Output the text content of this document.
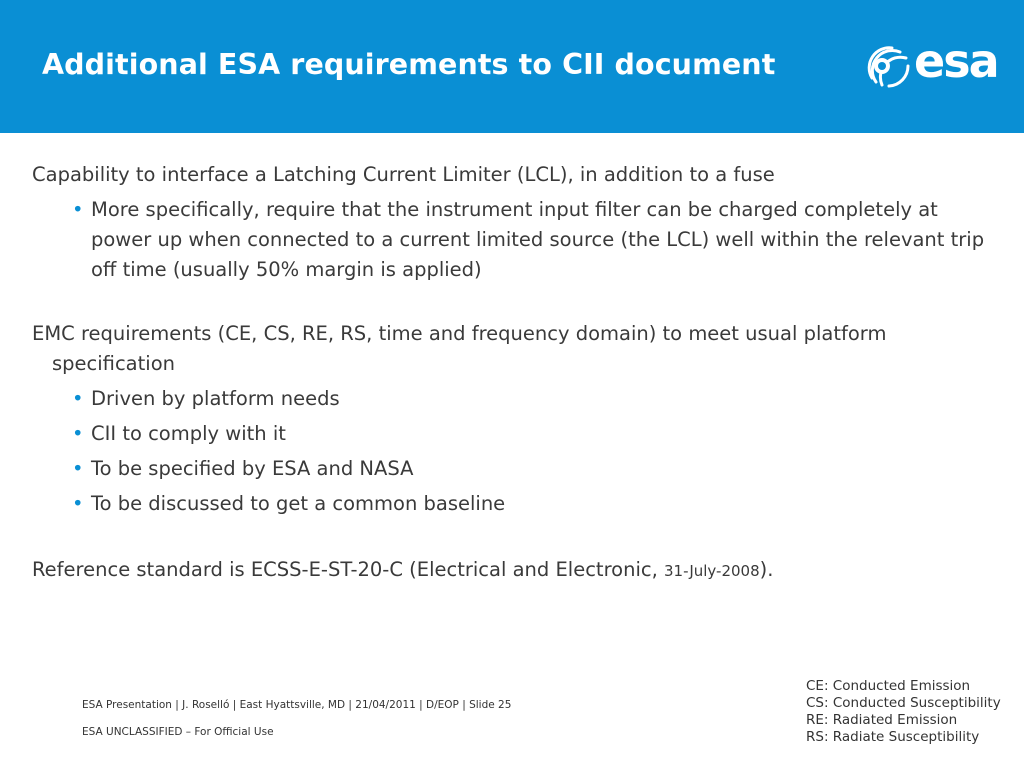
Additional ESA requirements to CII document	esa
Capability to interface a Latching Current Limiter (LCL), in addition to a fuse
• More specifically, require that the instrument input filter can be charged completely at power up when connected to a current limited source (the LCL) well within the relevant trip off time (usually 50% margin is applied)
EMC requirements (CE, CS, RE, RS, time and frequency domain) to meet usual platform specification
• Driven by platform needs
• CII to comply with it
• To be specified by ESA and NASA
• To be discussed to get a common baseline
Reference standard is ECSS-E-ST-20-C (Electrical and Electronic, 31-July-2008).
ESA Presentation | J. Roselló | East Hyattsville, MD | 21/04/2011 | D/EOP | Slide 25
ESA UNCLASSIFIED – For Official Use
CE: Conducted Emission
CS: Conducted Susceptibility
RE: Radiated Emission
RS: Radiate Susceptibility
